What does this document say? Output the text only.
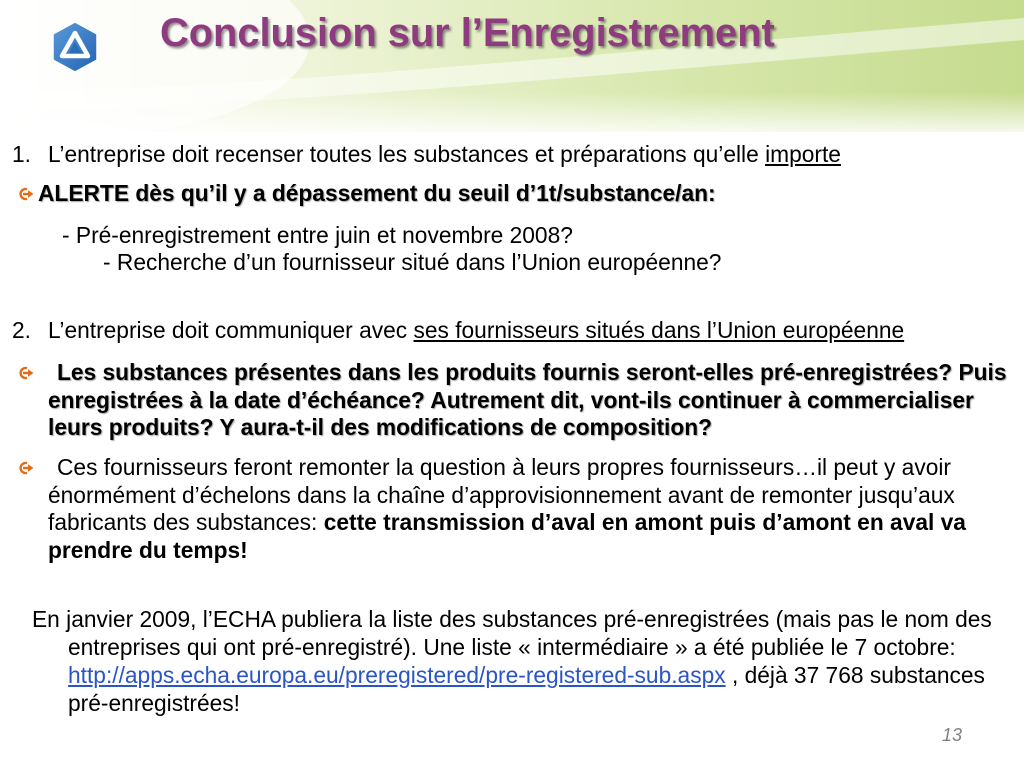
Conclusion sur l’Enregistrement
1. L’entreprise doit recenser toutes les substances et préparations qu’elle importe
ALERTE dès qu’il y a dépassement du seuil d’1t/substance/an:
- Pré-enregistrement entre juin et novembre 2008?
- Recherche d’un fournisseur situé dans l’Union européenne?
2. L’entreprise doit communiquer avec ses fournisseurs situés dans l’Union européenne
Les substances présentes dans les produits fournis seront-elles pré-enregistrées? Puis
enregistrées à la date d’échéance? Autrement dit, vont-ils continuer à commercialiser
leurs produits? Y aura-t-il des modifications de composition?
Ces fournisseurs feront remonter la question à leurs propres fournisseurs…il peut y avoir
énormément d’échelons dans la chaîne d’approvisionnement avant de remonter jusqu’aux
fabricants des substances: cette transmission d’aval en amont puis d’amont en aval va
prendre du temps!
En janvier 2009, l’ECHA publiera la liste des substances pré-enregistrées (mais pas le nom des
entreprises qui ont pré-enregistré). Une liste « intermédiaire » a été publiée le 7 octobre:
http://apps.echa.europa.eu/preregistered/pre-registered-sub.aspx , déjà 37 768 substances
pré-enregistrées!
13
